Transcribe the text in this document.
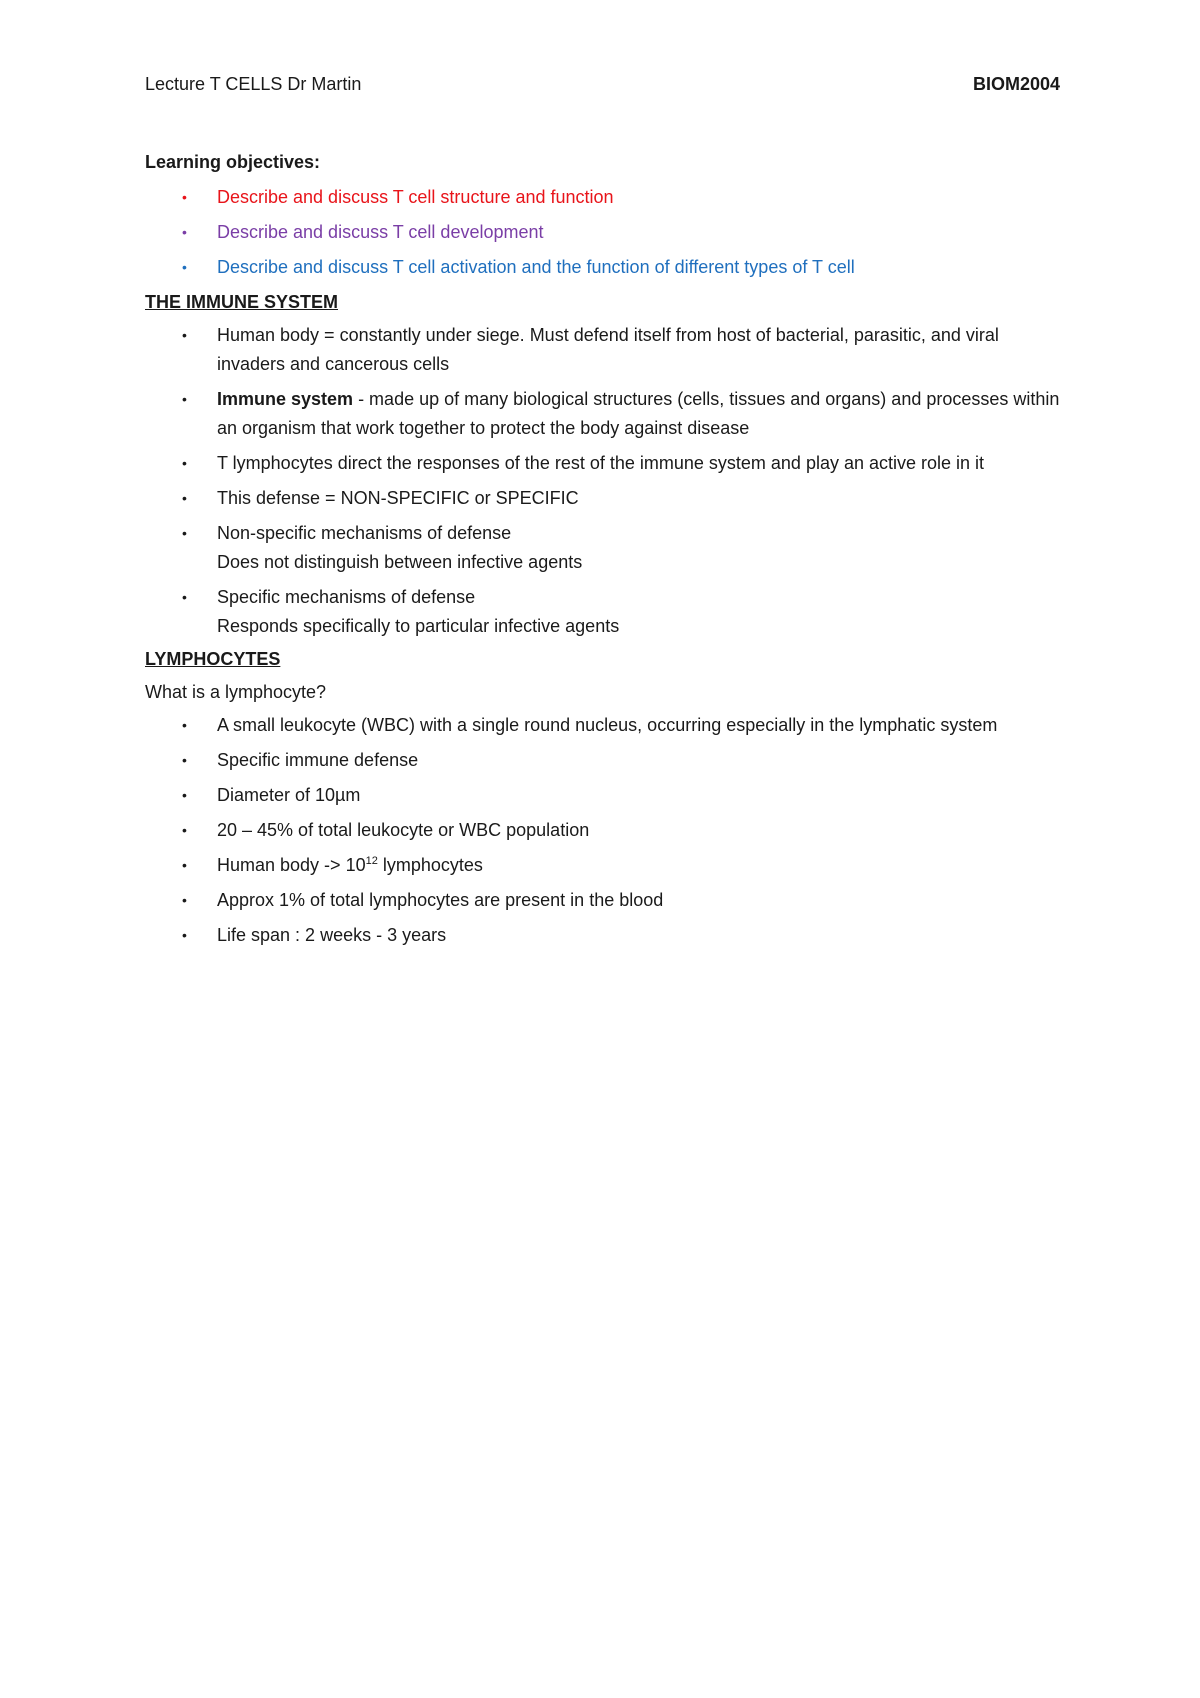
Lecture T CELLS Dr Martin	BIOM2004

Learning objectives:

• Describe and discuss T cell structure and function
• Describe and discuss T cell development
• Describe and discuss T cell activation and the function of different types of T cell

THE IMMUNE SYSTEM

• Human body = constantly under siege. Must defend itself from host of bacterial, parasitic, and viral invaders and cancerous cells
• Immune system - made up of many biological structures (cells, tissues and organs) and processes within an organism that work together to protect the body against disease
• T lymphocytes direct the responses of the rest of the immune system and play an active role in it
• This defense = NON-SPECIFIC or SPECIFIC
• Non-specific mechanisms of defense
Does not distinguish between infective agents
• Specific mechanisms of defense
Responds specifically to particular infective agents

LYMPHOCYTES

What is a lymphocyte?

• A small leukocyte (WBC) with a single round nucleus, occurring especially in the lymphatic system
• Specific immune defense
• Diameter of 10µm
• 20 – 45% of total leukocyte or WBC population
• Human body -> $10^{12}$ lymphocytes
• Approx 1% of total lymphocytes are present in the blood
• Life span : 2 weeks - 3 years
